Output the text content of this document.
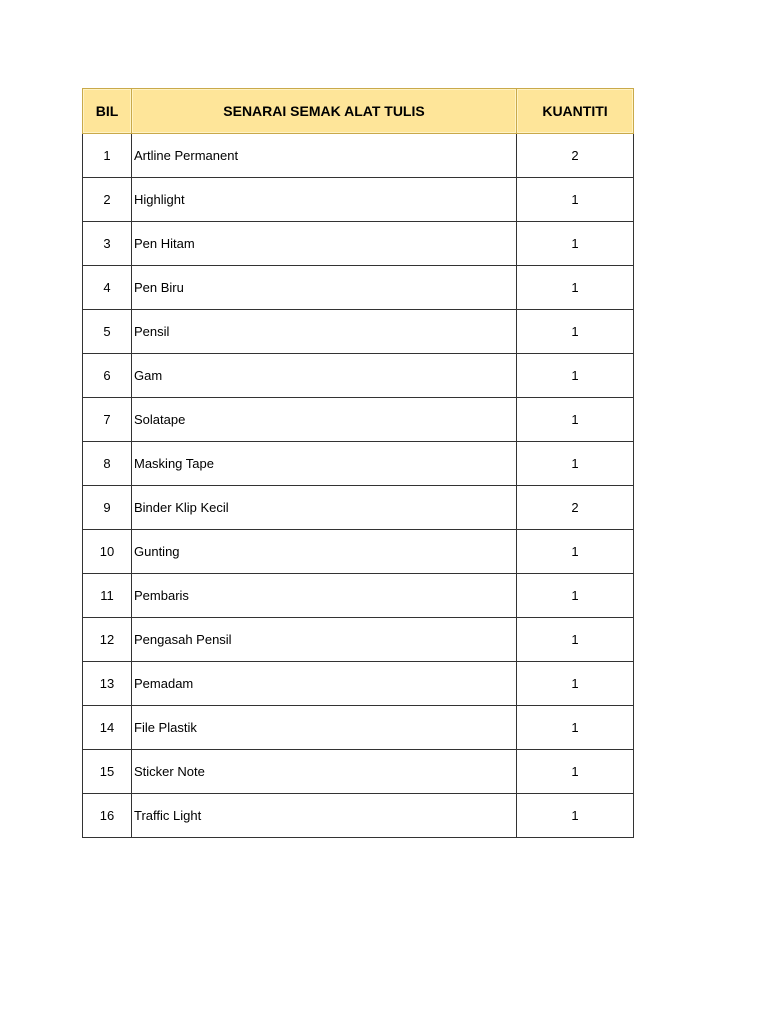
BIL	SENARAI SEMAK ALAT TULIS	KUANTITI
1	Artline Permanent	2
2	Highlight	1
3	Pen Hitam	1
4	Pen Biru	1
5	Pensil	1
6	Gam	1
7	Solatape	1
8	Masking Tape	1
9	Binder Klip Kecil	2
10	Gunting	1
11	Pembaris	1
12	Pengasah Pensil	1
13	Pemadam	1
14	File Plastik	1
15	Sticker Note	1
16	Traffic Light	1
